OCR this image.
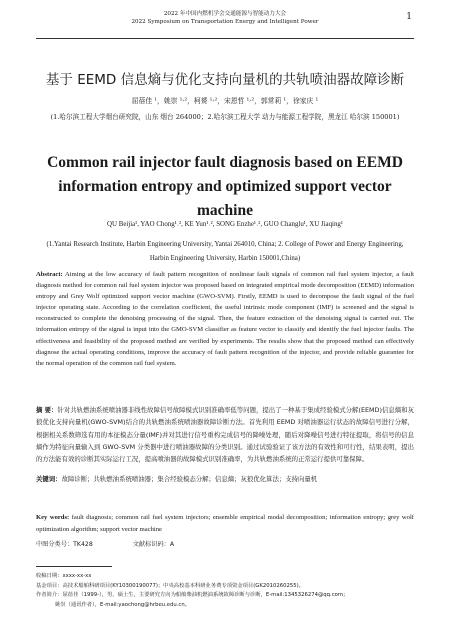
2022 年中国内燃机学会交通能源与智能动力大会
2022 Symposium on Transportation Energy and Intelligent Power	1
基于 EEMD 信息熵与优化支持向量机的共轨喷油器故障诊断
屈蓓佳 ¹，姚崇 ¹˒²，柯赟 ¹˒²，宋恩哲 ¹˒²，郭常莉 ¹，徐家庆 ¹
(1.哈尔滨工程大学烟台研究院，山东 烟台 264000；2.哈尔滨工程大学 动力与能源工程学院，黑龙江 哈尔滨 150001)
Common rail injector fault diagnosis based on EEMD information entropy and optimized support vector machine
QU Beijia¹, YAO Chong¹˒², KE Yun¹˒², SONG Enzhe¹˒², GUO Changlu¹, XU Jiaqing¹
(1.Yantai Research Institute, Harbin Engineering University, Yantai 264010, China; 2. College of Power and Energy Engineering, Harbin Engineering University, Harbin 150001,China)
Abstract: Aiming at the low accuracy of fault pattern recognition of nonlinear fault signals of common rail fuel system injector, a fault diagnosis method for common rail fuel system injector was proposed based on integrated empirical mode decomposition (EEMD) information entropy and Grey Wolf optimized support vector machine (GWO-SVM). Firstly, EEMD is used to decompose the fault signal of the fuel injector operating state. According to the correlation coefficient, the useful intrinsic mode component (IMF) is screened and the signal is reconstructed to complete the denoising processing of the signal. Then, the feature extraction of the denoising signal is carried out. The information entropy of the signal is input into the GMO-SVM classifier as feature vector to classify and identify the fuel injector faults. The effectiveness and feasibility of the proposed method are verified by experiments. The results show that the proposed method can effectively diagnose the actual operating conditions, improve the accuracy of fault pattern recognition of the injector, and provide reliable guarantee for the normal operation of the common rail fuel system.
摘 要：针对共轨燃油系统喷油器非线性故障信号故障模式识别准确率低等问题，提出了一种基于集成经验模式分解(EEMD)信息熵和灰狼优化支持向量机(GWO-SVM)结合的共轨燃油系统喷油器故障诊断方法。首先利用 EEMD 对喷油器运行状态的故障信号进行分解，根据相关系数筛选有用的本征模态分量(IMF)并对其进行信号重构完成信号的降噪处理，随后对降噪信号进行特征提取，将信号的信息熵作为特征向量输入到 GWO-SVM 分类器中进行喷油器故障的分类识别。通过试验验证了该方法的有效性和可行性，结果表明，提出的方法能有效的诊断其实际运行工况，提高喷油器的故障模式识别准确率，为共轨燃油系统的正常运行提供可靠保障。
关键词：故障诊断；共轨燃油系统喷油器；集合经验模态分解；信息熵；灰狼优化算法；支持向量机
Key words: fault diagnosis; common rail fuel system injectors; ensemble empirical modal decomposition; information entropy; grey wolf optimization algorithm; support vector machine
中图分类号：TK428	文献标识码：A
收稿日期：xxxx-xx-xx
基金项目：高技术船舶科研项目(KY10300190077)；中央高校基本科研业务费专项资金项目(GK2010260255)。
作者简介：屈蓓佳（1999-），男，硕士生，主要研究方向为船舶柴油机燃油系统故障诊断与诊断，E-mail:1345326274@qq.com；
姚崇（通讯作者），E-mail:yaochong@hrbeu.edu.cn。
